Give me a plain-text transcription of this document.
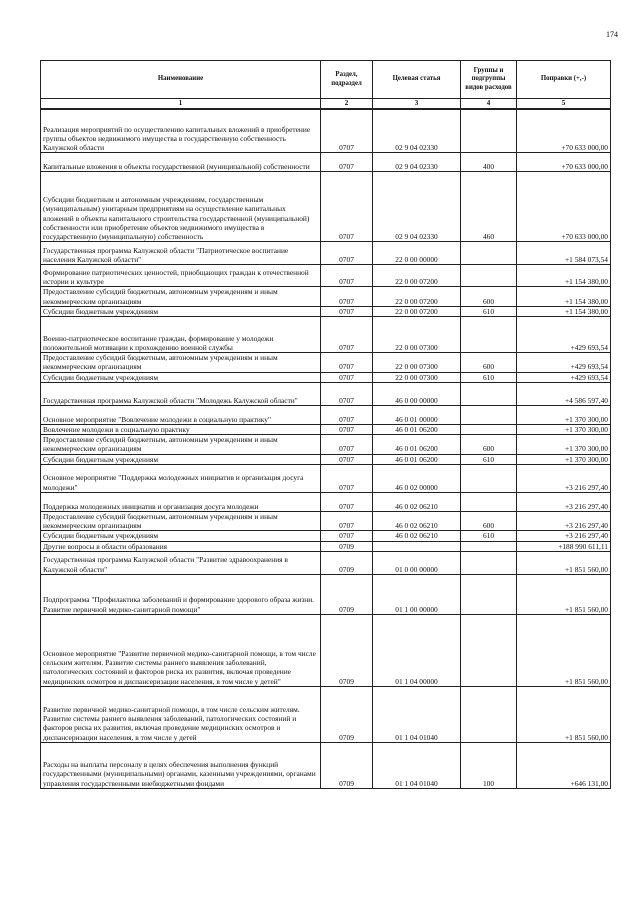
174
Наименование	Раздел, подраздел	Целевая статья	Группы и подгруппы видов расходов	Поправки (+,-)
1	2	3	4	5
Реализация мероприятий по осуществлению капитальных вложений в приобретение группы объектов недвижимого имущества в государственную собственность Калужской области	0707	02 9 04 02330		+70 633 000,00
Капитальные вложения в объекты государственной (муниципальной) собственности	0707	02 9 04 02330	400	+70 633 000,00
Субсидии бюджетным и автономным учреждениям, государственным (муниципальным) унитарным предприятиям на осуществление капитальных вложений в объекты капитального строительства государственной (муниципальной) собственности или приобретение объектов недвижимого имущества в государственную (муниципальную) собственность	0707	02 9 04 02330	460	+70 633 000,00
Государственная программа Калужской области "Патриотическое воспитание населения Калужской области"	0707	22 0 00 00000		+1 584 073,54
Формирование патриотических ценностей, приобщающих граждан к отечественной истории и культуре	0707	22 0 00 07200		+1 154 380,00
Предоставление субсидий бюджетным, автономным учреждениям и иным некоммерческим организациям	0707	22 0 00 07200	600	+1 154 380,00
Субсидии бюджетным учреждениям	0707	22 0 00 07200	610	+1 154 380,00
Военно-патриотическое воспитание граждан, формирование у молодежи положительной мотивации к прохождению военной службы	0707	22 0 00 07300		+429 693,54
Предоставление субсидий бюджетным, автономным учреждениям и иным некоммерческим организациям	0707	22 0 00 07300	600	+429 693,54
Субсидии бюджетным учреждениям	0707	22 0 00 07300	610	+429 693,54
Государственная программа Калужской области "Молодежь Калужской области"	0707	46 0 00 00000		+4 586 597,40
Основное мероприятие "Вовлечение молодежи в социальную практику"	0707	46 0 01 00000		+1 370 300,00
Вовлечение молодежи в социальную практику	0707	46 0 01 06200		+1 370 300,00
Предоставление субсидий бюджетным, автономным учреждениям и иным некоммерческим организациям	0707	46 0 01 06200	600	+1 370 300,00
Субсидии бюджетным учреждениям	0707	46 0 01 06200	610	+1 370 300,00
Основное мероприятие "Поддержка молодежных инициатив и организация досуга молодежи"	0707	46 0 02 00000		+3 216 297,40
Поддержка молодежных инициатив и организация досуга молодежи	0707	46 0 02 06210		+3 216 297,40
Предоставление субсидий бюджетным, автономным учреждениям и иным некоммерческим организациям	0707	46 0 02 06210	600	+3 216 297,40
Субсидии бюджетным учреждениям	0707	46 0 02 06210	610	+3 216 297,40
Другие вопросы в области образования	0709			+188 990 611,11
Государственная программа Калужской области "Развитие здравоохранения в Калужской области"	0709	01 0 00 00000		+1 851 560,00
Подпрограмма "Профилактика заболеваний и формирование здорового образа жизни. Развитие первичной медико-санитарной помощи"	0709	01 1 00 00000		+1 851 560,00
Основное мероприятие "Развитие первичной медико-санитарной помощи, в том числе сельским жителям. Развитие системы раннего выявления заболеваний, патологических состояний и факторов риска их развития, включая проведение медицинских осмотров и диспансеризации населения, в том числе у детей"	0709	01 1 04 00000		+1 851 560,00
Развитие первичной медико-санитарной помощи, в том числе сельским жителям. Развитие системы раннего выявления заболеваний, патологических состояний и факторов риска их развития, включая проведение медицинских осмотров и диспансеризации населения, в том числе у детей	0709	01 1 04 01040		+1 851 560,00
Расходы на выплаты персоналу в целях обеспечения выполнения функций государственными (муниципальными) органами, казенными учреждениями, органами управления государственными внебюджетными фондами	0709	01 1 04 01040	100	+646 131,00
